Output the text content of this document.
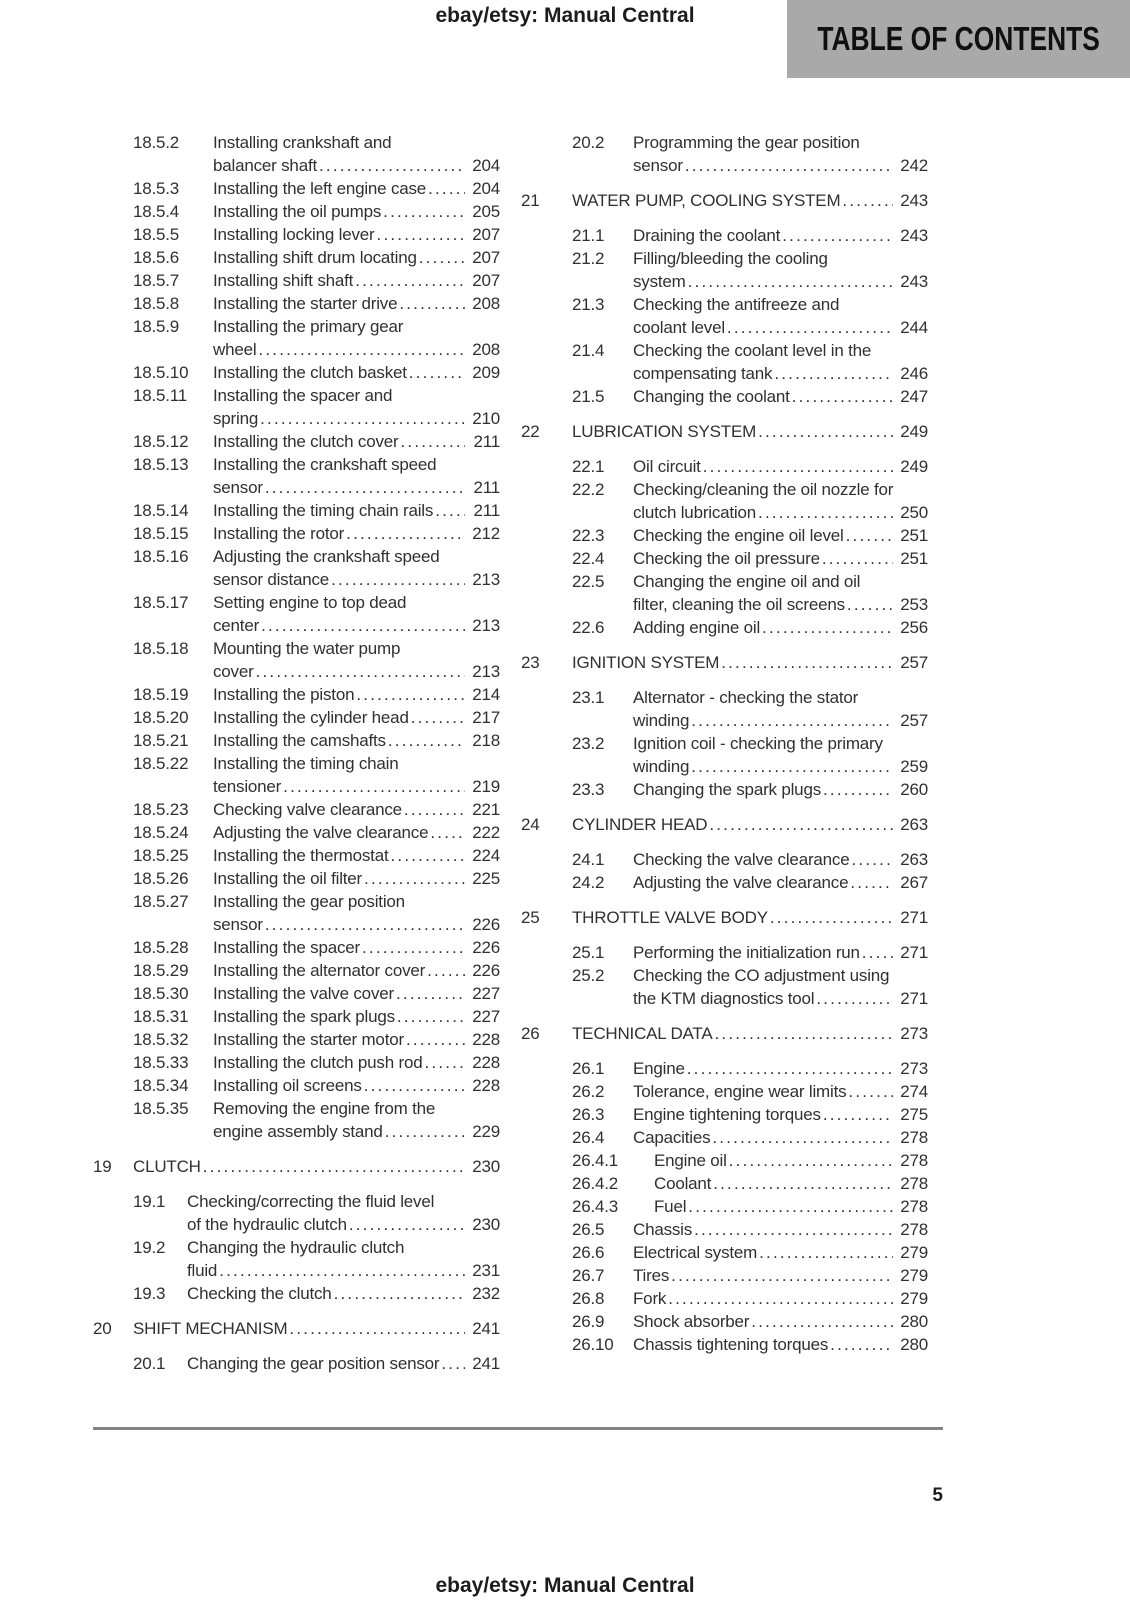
ebay/etsy: Manual Central
TABLE OF CONTENTS
18.5.2	Installing crankshaft and
balancer shaft .....	204
18.5.3	Installing the left engine case .....	204
18.5.4	Installing the oil pumps .....	205
18.5.5	Installing locking lever .....	207
18.5.6	Installing shift drum locating .....	207
18.5.7	Installing shift shaft .....	207
18.5.8	Installing the starter drive .....	208
18.5.9	Installing the primary gear
wheel .....	208
18.5.10	Installing the clutch basket .....	209
18.5.11	Installing the spacer and
spring .....	210
18.5.12	Installing the clutch cover .....	211
18.5.13	Installing the crankshaft speed
sensor .....	211
18.5.14	Installing the timing chain rails ..... 211
18.5.15	Installing the rotor .....	212
18.5.16	Adjusting the crankshaft speed
sensor distance .....	213
18.5.17	Setting engine to top dead
center .....	213
18.5.18	Mounting the water pump
cover .....	213
18.5.19	Installing the piston .....	214
18.5.20	Installing the cylinder head .....	217
18.5.21	Installing the camshafts .....	218
18.5.22	Installing the timing chain
tensioner .....	219
18.5.23	Checking valve clearance .....	221
18.5.24	Adjusting the valve clearance .....	222
18.5.25	Installing the thermostat .....	224
18.5.26	Installing the oil filter .....	225
18.5.27	Installing the gear position
sensor .....	226
18.5.28	Installing the spacer .....	226
18.5.29	Installing the alternator cover .....	226
18.5.30	Installing the valve cover .....	227
18.5.31	Installing the spark plugs .....	227
18.5.32	Installing the starter motor .....	228
18.5.33	Installing the clutch push rod .....	228
18.5.34	Installing oil screens .....	228
18.5.35	Removing the engine from the
engine assembly stand .....	229
19	CLUTCH .....	230
19.1	Checking/correcting the fluid level
of the hydraulic clutch .....	230
19.2	Changing the hydraulic clutch
fluid .....	231
19.3	Checking the clutch .....	232
20	SHIFT MECHANISM .....	241
20.1	Changing the gear position sensor ..... 241
20.2	Programming the gear position
sensor .....	242
21	WATER PUMP, COOLING SYSTEM .....	243
21.1	Draining the coolant .....	243
21.2	Filling/bleeding the cooling
system .....	243
21.3	Checking the antifreeze and
coolant level .....	244
21.4	Checking the coolant level in the
compensating tank .....	246
21.5	Changing the coolant .....	247
22	LUBRICATION SYSTEM .....	249
22.1	Oil circuit .....	249
22.2	Checking/cleaning the oil nozzle for
clutch lubrication .....	250
22.3	Checking the engine oil level .....	251
22.4	Checking the oil pressure .....	251
22.5	Changing the engine oil and oil
filter, cleaning the oil screens .....	253
22.6	Adding engine oil .....	256
23	IGNITION SYSTEM .....	257
23.1	Alternator - checking the stator
winding .....	257
23.2	Ignition coil - checking the primary
winding .....	259
23.3	Changing the spark plugs .....	260
24	CYLINDER HEAD .....	263
24.1	Checking the valve clearance .....	263
24.2	Adjusting the valve clearance .....	267
25	THROTTLE VALVE BODY .....	271
25.1	Performing the initialization run ..... 271
25.2	Checking the CO adjustment using
the KTM diagnostics tool .....	271
26	TECHNICAL DATA .....	273
26.1	Engine .....	273
26.2	Tolerance, engine wear limits .....	274
26.3	Engine tightening torques .....	275
26.4	Capacities .....	278
26.4.1	Engine oil .....	278
26.4.2	Coolant .....	278
26.4.3	Fuel .....	278
26.5	Chassis .....	278
26.6	Electrical system .....	279
26.7	Tires .....	279
26.8	Fork .....	279
26.9	Shock absorber .....	280
26.10	Chassis tightening torques .....	280
5
ebay/etsy: Manual Central
